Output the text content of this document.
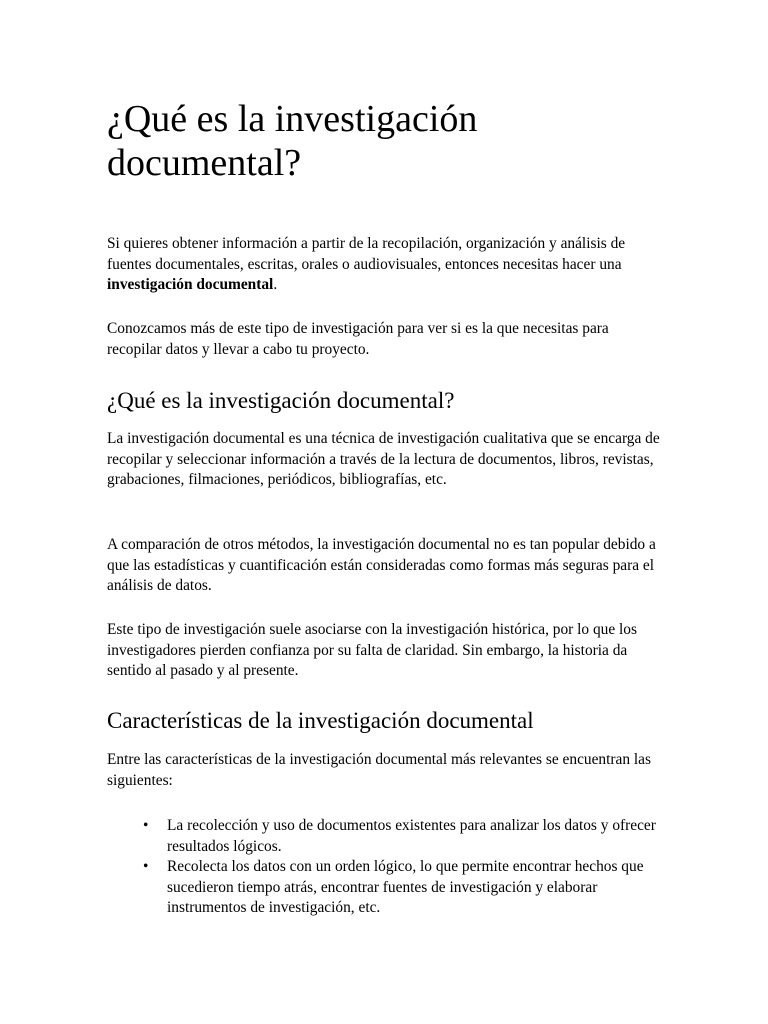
¿Qué es la investigación documental?

Si quieres obtener información a partir de la recopilación, organización y análisis de fuentes documentales, escritas, orales o audiovisuales, entonces necesitas hacer una investigación documental.

Conozcamos más de este tipo de investigación para ver si es la que necesitas para recopilar datos y llevar a cabo tu proyecto.

¿Qué es la investigación documental?

La investigación documental es una técnica de investigación cualitativa que se encarga de recopilar y seleccionar información a través de la lectura de documentos, libros, revistas, grabaciones, filmaciones, periódicos, bibliografías, etc.

A comparación de otros métodos, la investigación documental no es tan popular debido a que las estadísticas y cuantificación están consideradas como formas más seguras para el análisis de datos.

Este tipo de investigación suele asociarse con la investigación histórica, por lo que los investigadores pierden confianza por su falta de claridad. Sin embargo, la historia da sentido al pasado y al presente.

Características de la investigación documental

Entre las características de la investigación documental más relevantes se encuentran las siguientes:

•	La recolección y uso de documentos existentes para analizar los datos y ofrecer resultados lógicos.
•	Recolecta los datos con un orden lógico, lo que permite encontrar hechos que sucedieron tiempo atrás, encontrar fuentes de investigación y elaborar instrumentos de investigación, etc.
